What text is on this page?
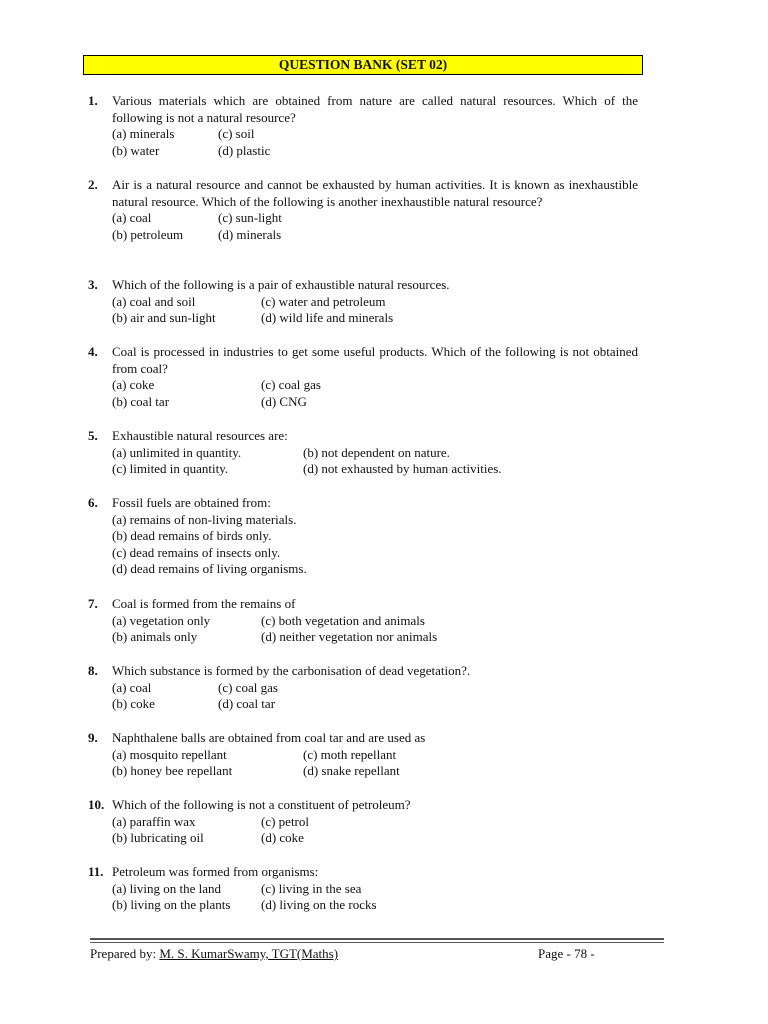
QUESTION BANK (SET 02)
1.	Various materials which are obtained from nature are called natural resources. Which of the following is not a natural resource?
(a) minerals	(c) soil
(b) water	(d) plastic
2.	Air is a natural resource and cannot be exhausted by human activities. It is known as inexhaustible natural resource. Which of the following is another inexhaustible natural resource?
(a) coal	(c) sun-light
(b) petroleum	(d) minerals
3.	Which of the following is a pair of exhaustible natural resources.
(a) coal and soil	(c) water and petroleum
(b) air and sun-light	(d) wild life and minerals
4.	Coal is processed in industries to get some useful products. Which of the following is not obtained from coal?
(a) coke	(c) coal gas
(b) coal tar	(d) CNG
5.	Exhaustible natural resources are:
(a) unlimited in quantity.	(b) not dependent on nature.
(c) limited in quantity.	(d) not exhausted by human activities.
6.	Fossil fuels are obtained from:
(a) remains of non-living materials.
(b) dead remains of birds only.
(c) dead remains of insects only.
(d) dead remains of living organisms.
7.	Coal is formed from the remains of
(a) vegetation only	(c) both vegetation and animals
(b) animals only	(d) neither vegetation nor animals
8.	Which substance is formed by the carbonisation of dead vegetation?.
(a) coal	(c) coal gas
(b) coke	(d) coal tar
9.	Naphthalene balls are obtained from coal tar and are used as
(a) mosquito repellant	(c) moth repellant
(b) honey bee repellant	(d) snake repellant
10. Which of the following is not a constituent of petroleum?
(a) paraffin wax	(c) petrol
(b) lubricating oil	(d) coke
11. Petroleum was formed from organisms:
(a) living on the land	(c) living in the sea
(b) living on the plants	(d) living on the rocks
Prepared by: M. S. KumarSwamy, TGT(Maths)	Page - 78 -
